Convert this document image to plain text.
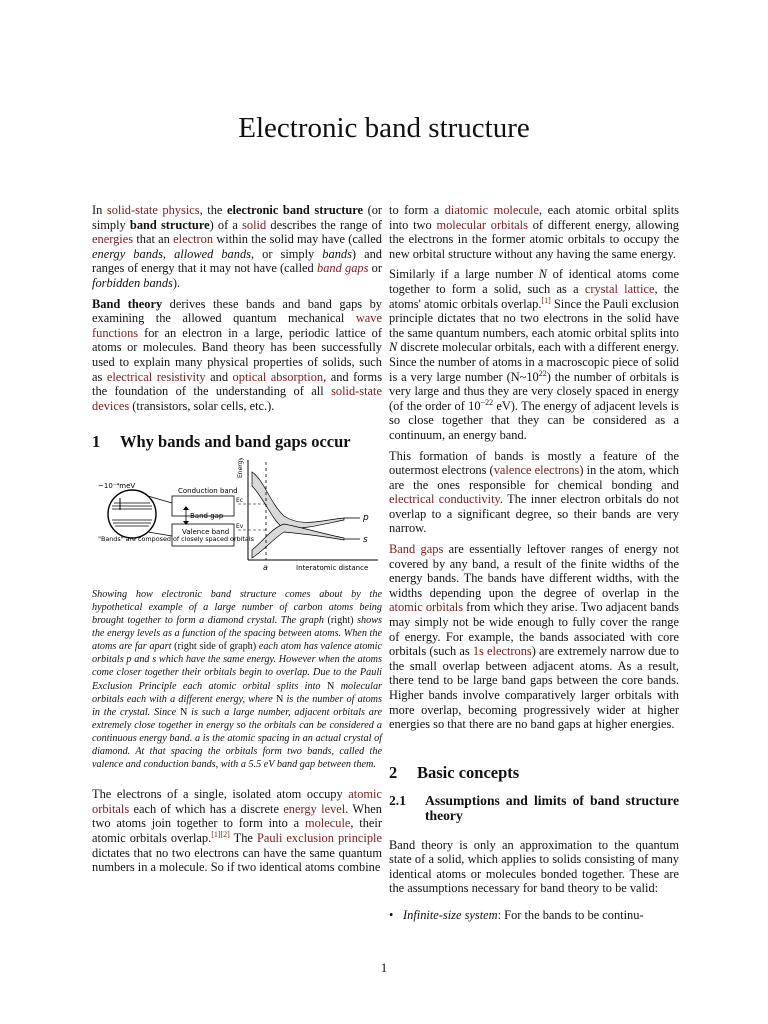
Electronic band structure

In solid-state physics, the electronic band structure (or simply band structure) of a solid describes the range of energies that an electron within the solid may have (called energy bands, allowed bands, or simply bands) and ranges of energy that it may not have (called band gaps or forbidden bands).

Band theory derives these bands and band gaps by examining the allowed quantum mechanical wave functions for an electron in a large, periodic lattice of atoms or molecules. Band theory has been successfully used to explain many physical properties of solids, such as electrical resistivity and optical absorption, and forms the foundation of the understanding of all solid-state devices (transistors, solar cells, etc.).

1 Why bands and band gaps occur
~10⁻⁴meV
Conduction band
Band gap
Valence band
Ec
Ev
"Bands" are composed of closely spaced orbitals
Energy
p
s
a	Interatomic distance
Showing how electronic band structure comes about by the hypothetical example of a large number of carbon atoms being brought together to form a diamond crystal. The graph (right) shows the energy levels as a function of the spacing between atoms. When the atoms are far apart (right side of graph) each atom has valence atomic orbitals p and s which have the same energy. However when the atoms come closer together their orbitals begin to overlap. Due to the Pauli Exclusion Principle each atomic orbital splits into N molecular orbitals each with a different energy, where N is the number of atoms in the crystal. Since N is such a large number, adjacent orbitals are extremely close together in energy so the orbitals can be considered a continuous energy band. a is the atomic spacing in an actual crystal of diamond. At that spacing the orbitals form two bands, called the valence and conduction bands, with a 5.5 eV band gap between them.

The electrons of a single, isolated atom occupy atomic orbitals each of which has a discrete energy level. When two atoms join together to form into a molecule, their atomic orbitals overlap.[1][2] The Pauli exclusion principle dictates that no two electrons can have the same quantum numbers in a molecule. So if two identical atoms combine

to form a diatomic molecule, each atomic orbital splits into two molecular orbitals of different energy, allowing the electrons in the former atomic orbitals to occupy the new orbital structure without any having the same energy.

Similarly if a large number N of identical atoms come together to form a solid, such as a crystal lattice, the atoms' atomic orbitals overlap.[1] Since the Pauli exclusion principle dictates that no two electrons in the solid have the same quantum numbers, each atomic orbital splits into N discrete molecular orbitals, each with a different energy. Since the number of atoms in a macroscopic piece of solid is a very large number $(N\sim 10^{22})$ the number of orbitals is very large and thus they are very closely spaced in energy (of the order of $10^{-22}$ eV). The energy of adjacent levels is so close together that they can be considered as a continuum, an energy band.

This formation of bands is mostly a feature of the outermost electrons (valence electrons) in the atom, which are the ones responsible for chemical bonding and electrical conductivity. The inner electron orbitals do not overlap to a significant degree, so their bands are very narrow.

Band gaps are essentially leftover ranges of energy not covered by any band, a result of the finite widths of the energy bands. The bands have different widths, with the widths depending upon the degree of overlap in the atomic orbitals from which they arise. Two adjacent bands may simply not be wide enough to fully cover the range of energy. For example, the bands associated with core orbitals (such as 1s electrons) are extremely narrow due to the small overlap between adjacent atoms. As a result, there tend to be large band gaps between the core bands. Higher bands involve comparatively larger orbitals with more overlap, becoming progressively wider at higher energies so that there are no band gaps at higher energies.

2 Basic concepts
2.1	Assumptions and limits of band structure theory

Band theory is only an approximation to the quantum state of a solid, which applies to solids consisting of many identical atoms or molecules bonded together. These are the assumptions necessary for band theory to be valid:

• Infinite-size system: For the bands to be continu-
1
